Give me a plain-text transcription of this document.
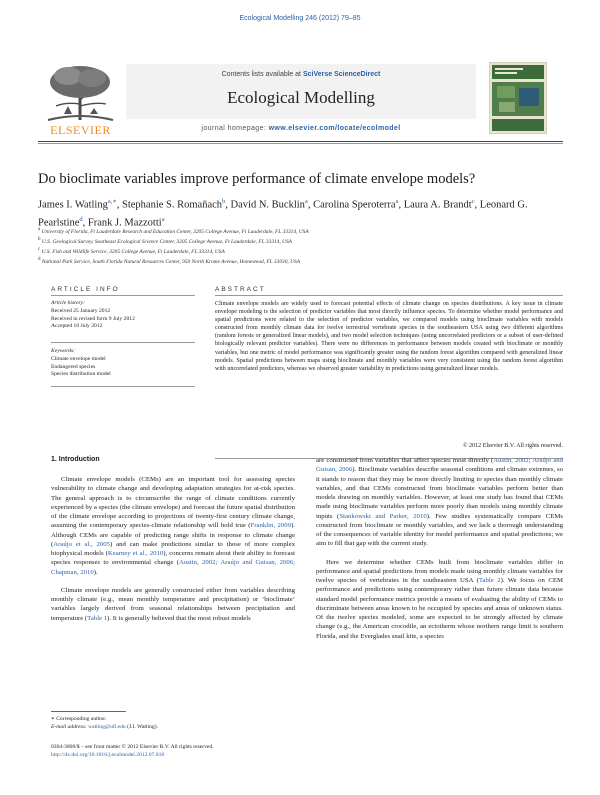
Ecological Modelling 246 (2012) 79–85
Contents lists available at SciVerse ScienceDirect
Ecological Modelling
journal homepage: www.elsevier.com/locate/ecolmodel
ELSEVIER
Do bioclimate variables improve performance of climate envelope models?
James I. Watling$^{a,∗}$, Stephanie S. Romañach$^b$, David N. Bucklin$^a$, Carolina Speroterra$^a$, Laura A. Brandt$^c$, Leonard G. Pearlstine$^d$, Frank J. Mazzotti$^a$
$^a$ University of Florida, Ft Lauderdale Research and Education Center, 3205 College Avenue, Ft Lauderdale, FL 33314, USA
$^b$ U.S. Geological Survey, Southeast Ecological Science Center, 3205 College Avenue, Ft Lauderdale, FL 33314, USA
$^c$ U.S. Fish and Wildlife Service, 3205 College Avenue, Ft Lauderdale, FL 33314, USA
$^d$ National Park Service, South Florida Natural Resources Center, 950 North Krome Avenue, Homestead, FL 33030, USA
ARTICLE INFO
Article history:
Received 25 January 2012
Received in revised form 9 July 2012
Accepted 10 July 2012
Keywords:
Climate envelope model
Endangered species
Species distribution model
ABSTRACT
Climate envelope models are widely used to forecast potential effects of climate change on species distributions. A key issue in climate envelope modeling is the selection of predictor variables that most directly influence species. To determine whether model performance and spatial predictions were related to the selection of predictor variables, we compared models using bioclimate variables with models constructed from monthly climate data for twelve terrestrial vertebrate species in the southeastern USA using two different algorithms (random forests or generalized linear models), and two model selection techniques (using uncorrelated predictors or a subset of user-defined biologically relevant predictor variables). There were no differences in performance between models created with bioclimate or monthly variables, but one metric of model performance was significantly greater using the random forest algorithm compared with generalized linear models. Spatial predictions between maps using bioclimate and monthly variables were very consistent using the random forest algorithm with uncorrelated predictors, whereas we observed greater variability in predictions using generalized linear models.
© 2012 Elsevier B.V. All rights reserved.
1. Introduction

Climate envelope models (CEMs) are an important tool for assessing species vulnerability to climate change and developing adaptation strategies for at-risk species. The general approach is to circumscribe the range of climate conditions currently experienced by a species (the climate envelope) and forecast the future spatial distribution of the climate envelope according to projections of twenty-first century climate change, assuming the contemporary species-climate relationship will hold true (Franklin, 2009). Although CEMs are capable of predicting range shifts in response to climate change (Araújo et al., 2005) and can make predictions similar to those of more complex biophysical models (Kearney et al., 2010), concerns remain about their ability to forecast species responses to environmental change (Austin, 2002; Araújo and Guisan, 2006; Chapman, 2010).

Climate envelope models are generally constructed either from variables describing monthly climate (e.g., mean monthly temperature and precipitation) or ‘bioclimate’ variables largely derived from seasonal relationships between precipitation and temperature (Table 1). It is generally believed that the most robust models

are constructed from variables that affect species most directly (Austin, 2002; Araújo and Guisan, 2006). Bioclimate variables describe seasonal conditions and climate extremes, so it stands to reason that they may be more directly limiting to species than monthly climate variables, and that CEMs constructed from bioclimate variables perform better than models drawing on monthly variables. However, at least one study has found that CEMs made using bioclimate variables perform more poorly than models using monthly climate inputs (Stankowski and Parker, 2010). Few studies systematically compare CEMs constructed from bioclimate or monthly variables, and we lack a thorough understanding of the consequences of variable identity for model performance and spatial predictions; we aim to fill that gap with the current study.

Here we determine whether CEMs built from bioclimate variables differ in performance and spatial predictions from models made using monthly climate variables for twelve species of vertebrates in the southeastern USA (Table 2). We focus on CEM performance and predictions using contemporary rather than future climate data because standard model performance metrics provide a means of evaluating the ability of CEMs to discriminate between areas known to be occupied by species and areas of unknown status. Of the twelve species modeled, some are expected to be strongly affected by climate change (e.g., the American crocodile, an ectotherm whose northern range limit is southern Florida, and the Everglades snail kite, a species

∗ Corresponding author.
E-mail address: watling@ufl.edu (J.I. Watling).
0304-3800/$ – see front matter © 2012 Elsevier B.V. All rights reserved.
http://dx.doi.org/10.1016/j.ecolmodel.2012.07.018
